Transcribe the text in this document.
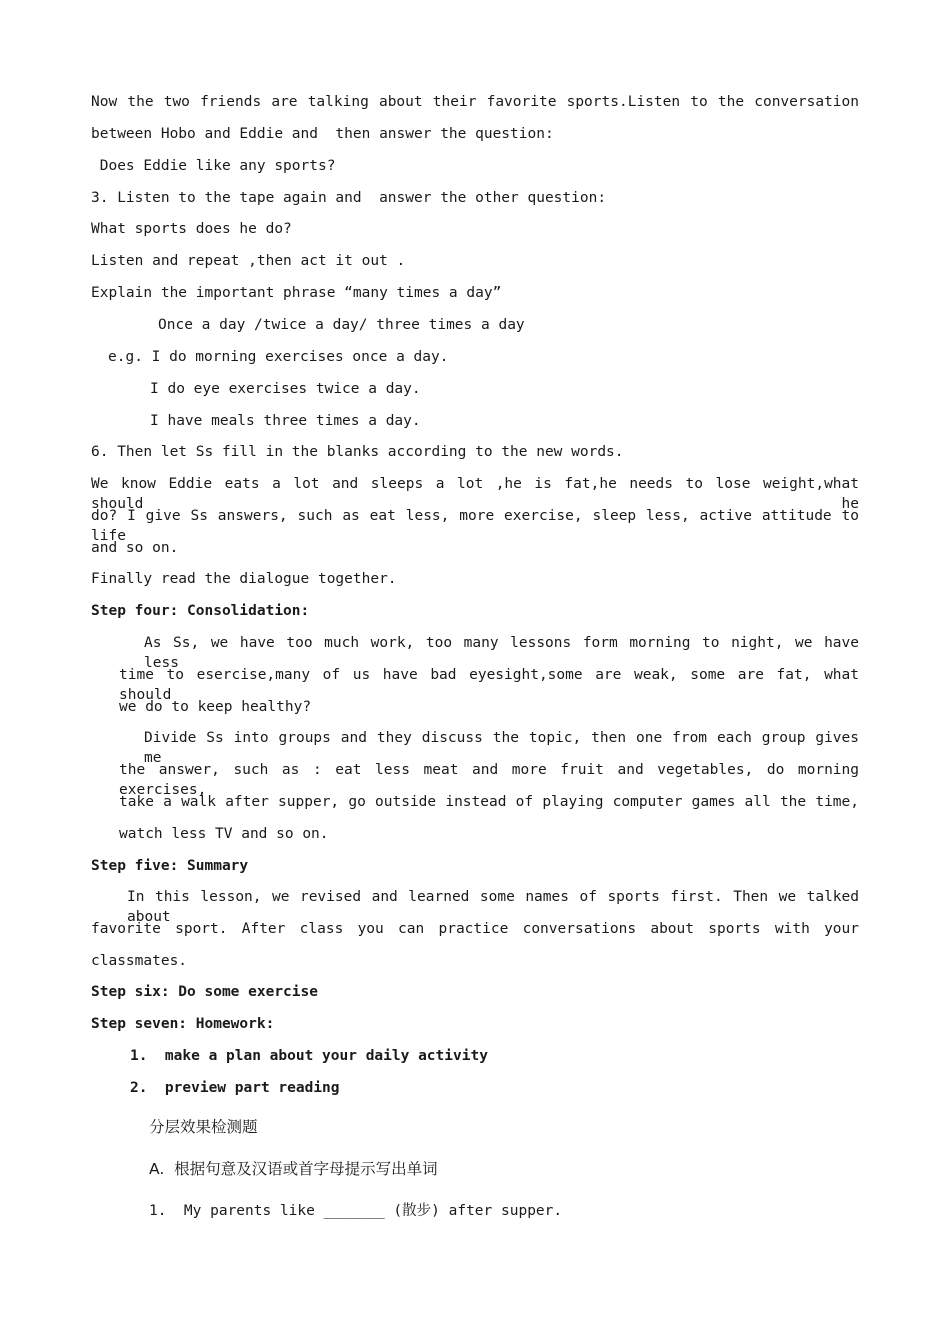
Now the two friends are talking about their favorite sports.Listen to the conversation
between Hobo and Eddie and  then answer the question:
Does Eddie like any sports?
3. Listen to the tape again and  answer the other question:
What sports does he do?
Listen and repeat ,then act it out .
Explain the important phrase “many times a day”
Once a day /twice a day/ three times a day
e.g. I do morning exercises once a day.
I do eye exercises twice a day.
I have meals three times a day.
6. Then let Ss fill in the blanks according to the new words.
We know Eddie eats a lot and sleeps a lot ,he is fat,he needs to lose weight,what should he
do? I give Ss answers, such as eat less, more exercise, sleep less, active attitude to life
and so on.
Finally read the dialogue together.
Step four: Consolidation:
As Ss, we have too much work, too many lessons form morning to night, we have less
time to esercise,many of us have bad eyesight,some are weak, some are fat, what should
we do to keep healthy?
Divide Ss into groups and they discuss the topic, then one from each group gives me
the answer, such as : eat less meat and more fruit and vegetables, do morning exercises,
take a walk after supper, go outside instead of playing computer games all the time,
watch less TV and so on.
Step five: Summary
In this lesson, we revised and learned some names of sports first. Then we talked about
favorite sport. After class you can practice conversations about sports with your
classmates.
Step six: Do some exercise
Step seven: Homework:
1.  make a plan about your daily activity
2.  preview part reading
分层效果检测题
A.  根据句意及汉语或首字母提示写出单词
1.  My parents like _______ (散步) after supper.
